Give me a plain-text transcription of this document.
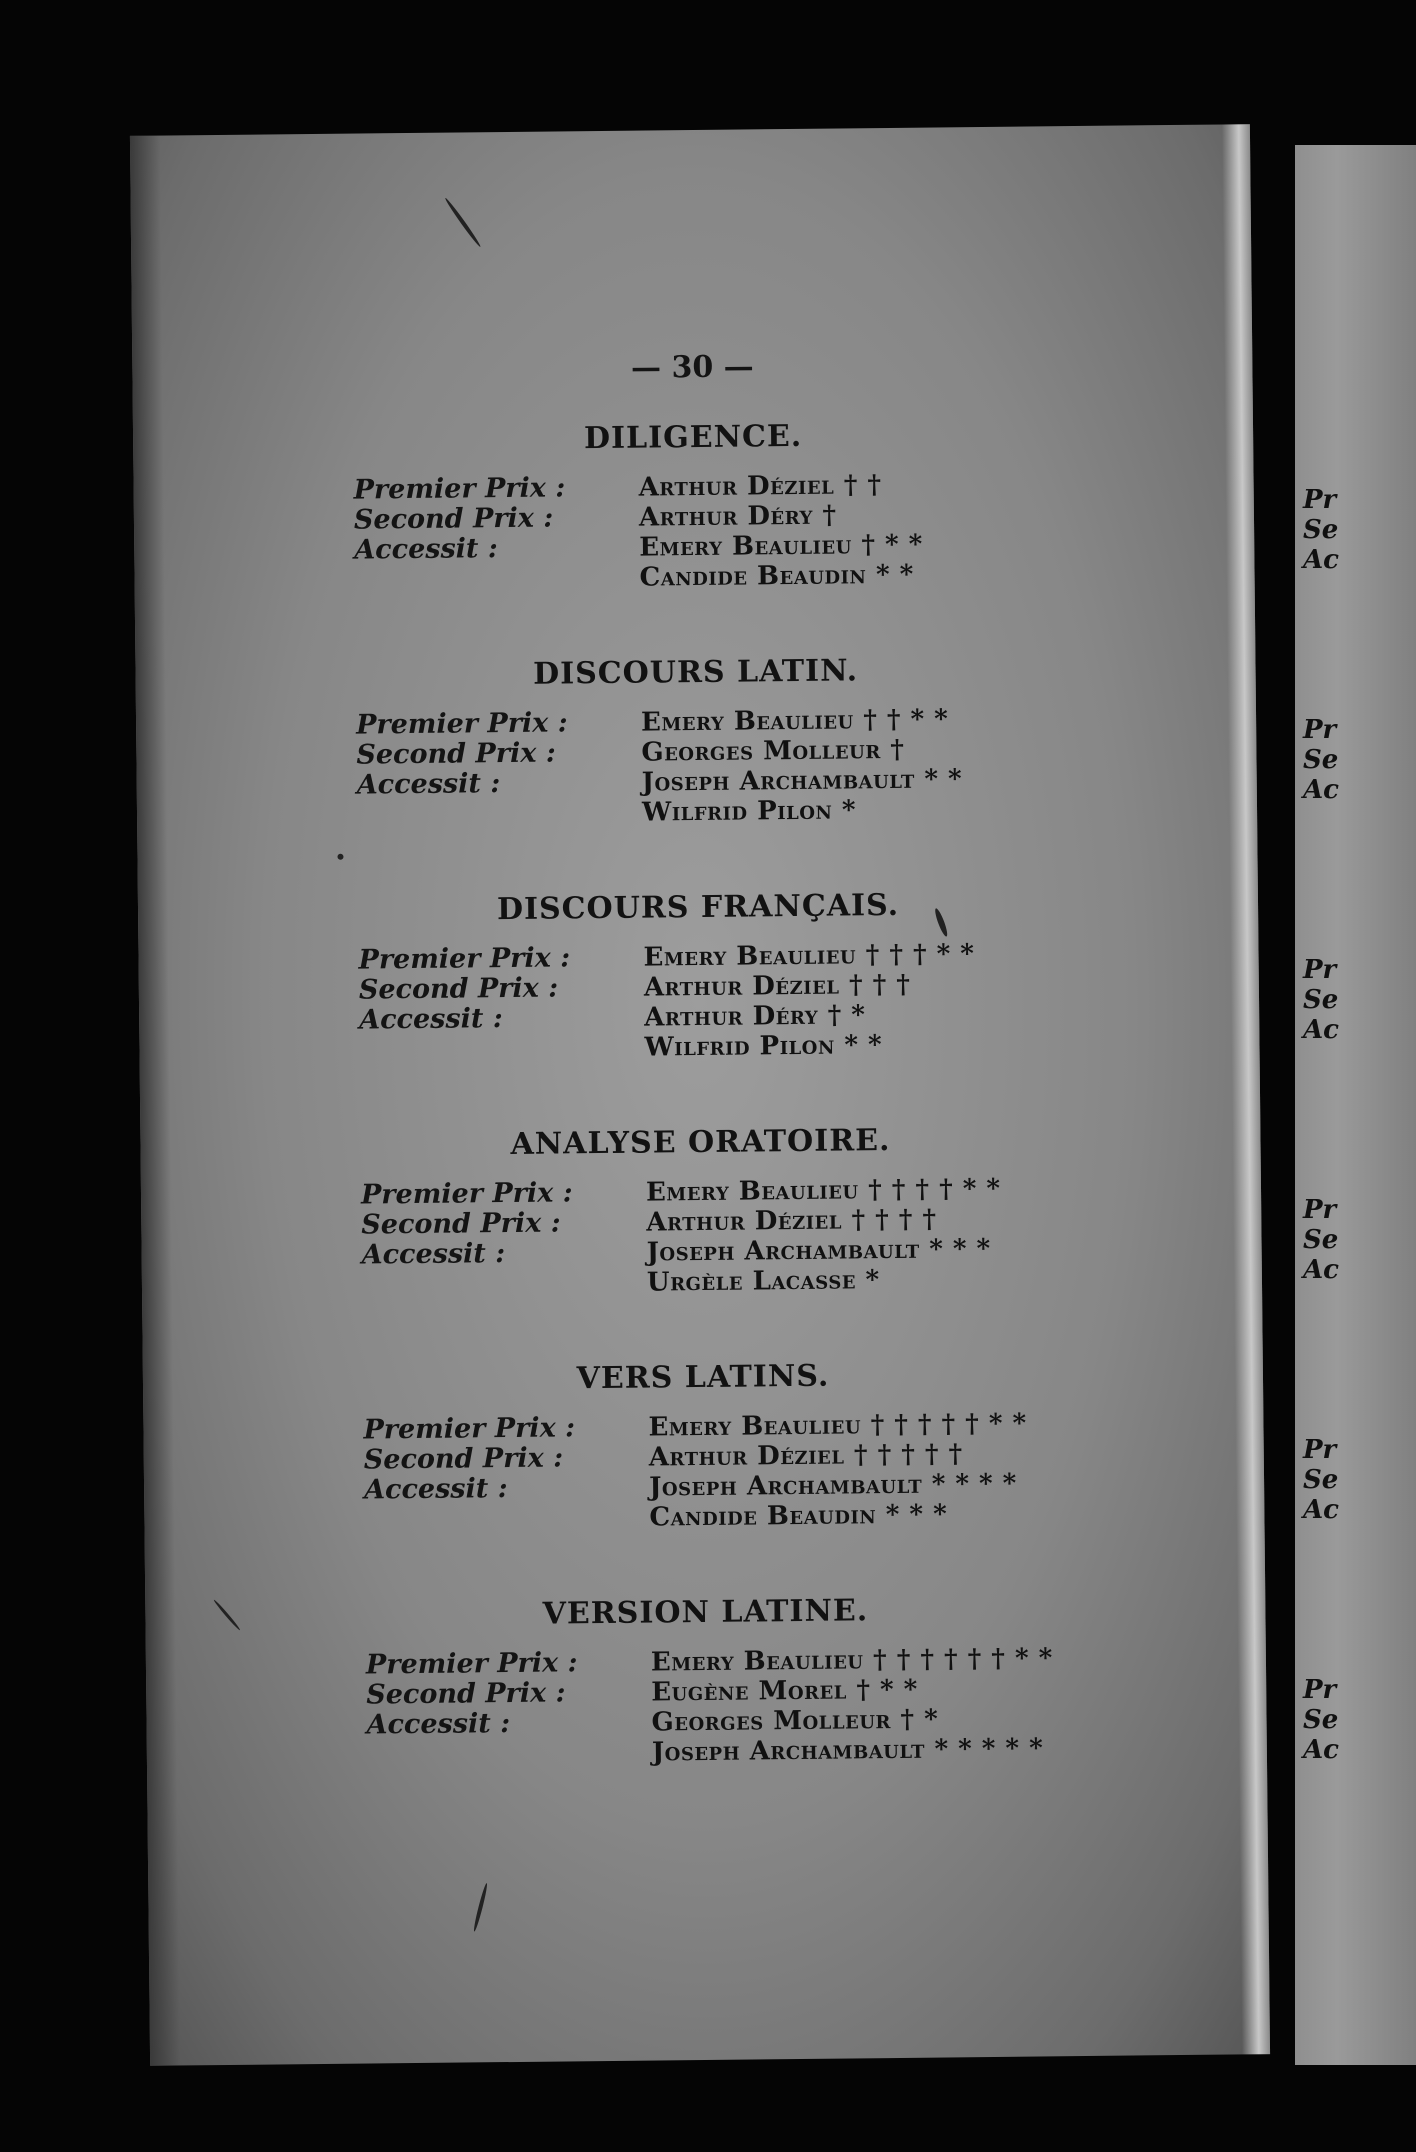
Pr
Se
Ac
Pr
Se
Ac
Pr
Se
Ac
Pr
Se
Ac
Pr
Se
Ac
Pr
Se
Ac
— 30 —
DILIGENCE.
Premier Prix :
Second Prix :
Accessit :
Arthur Déziel † †
Arthur Déry †
Emery Beaulieu † * *
Candide Beaudin * *
DISCOURS LATIN.
Premier Prix :
Second Prix :
Accessit :
Emery Beaulieu † † * *
Georges Molleur †
Joseph Archambault * *
Wilfrid Pilon *
DISCOURS FRANÇAIS.
Premier Prix :
Second Prix :
Accessit :
Emery Beaulieu † † † * *
Arthur Déziel † † †
Arthur Déry † *
Wilfrid Pilon * *
ANALYSE ORATOIRE.
Premier Prix :
Second Prix :
Accessit :
Emery Beaulieu † † † † * *
Arthur Déziel † † † †
Joseph Archambault * * *
Urgèle Lacasse *
VERS LATINS.
Premier Prix :
Second Prix :
Accessit :
Emery Beaulieu † † † † † * *
Arthur Déziel † † † † †
Joseph Archambault * * * *
Candide Beaudin * * *
VERSION LATINE.
Premier Prix :
Second Prix :
Accessit :
Emery Beaulieu † † † † † † * *
Eugène Morel † * *
Georges Molleur † *
Joseph Archambault * * * * *
